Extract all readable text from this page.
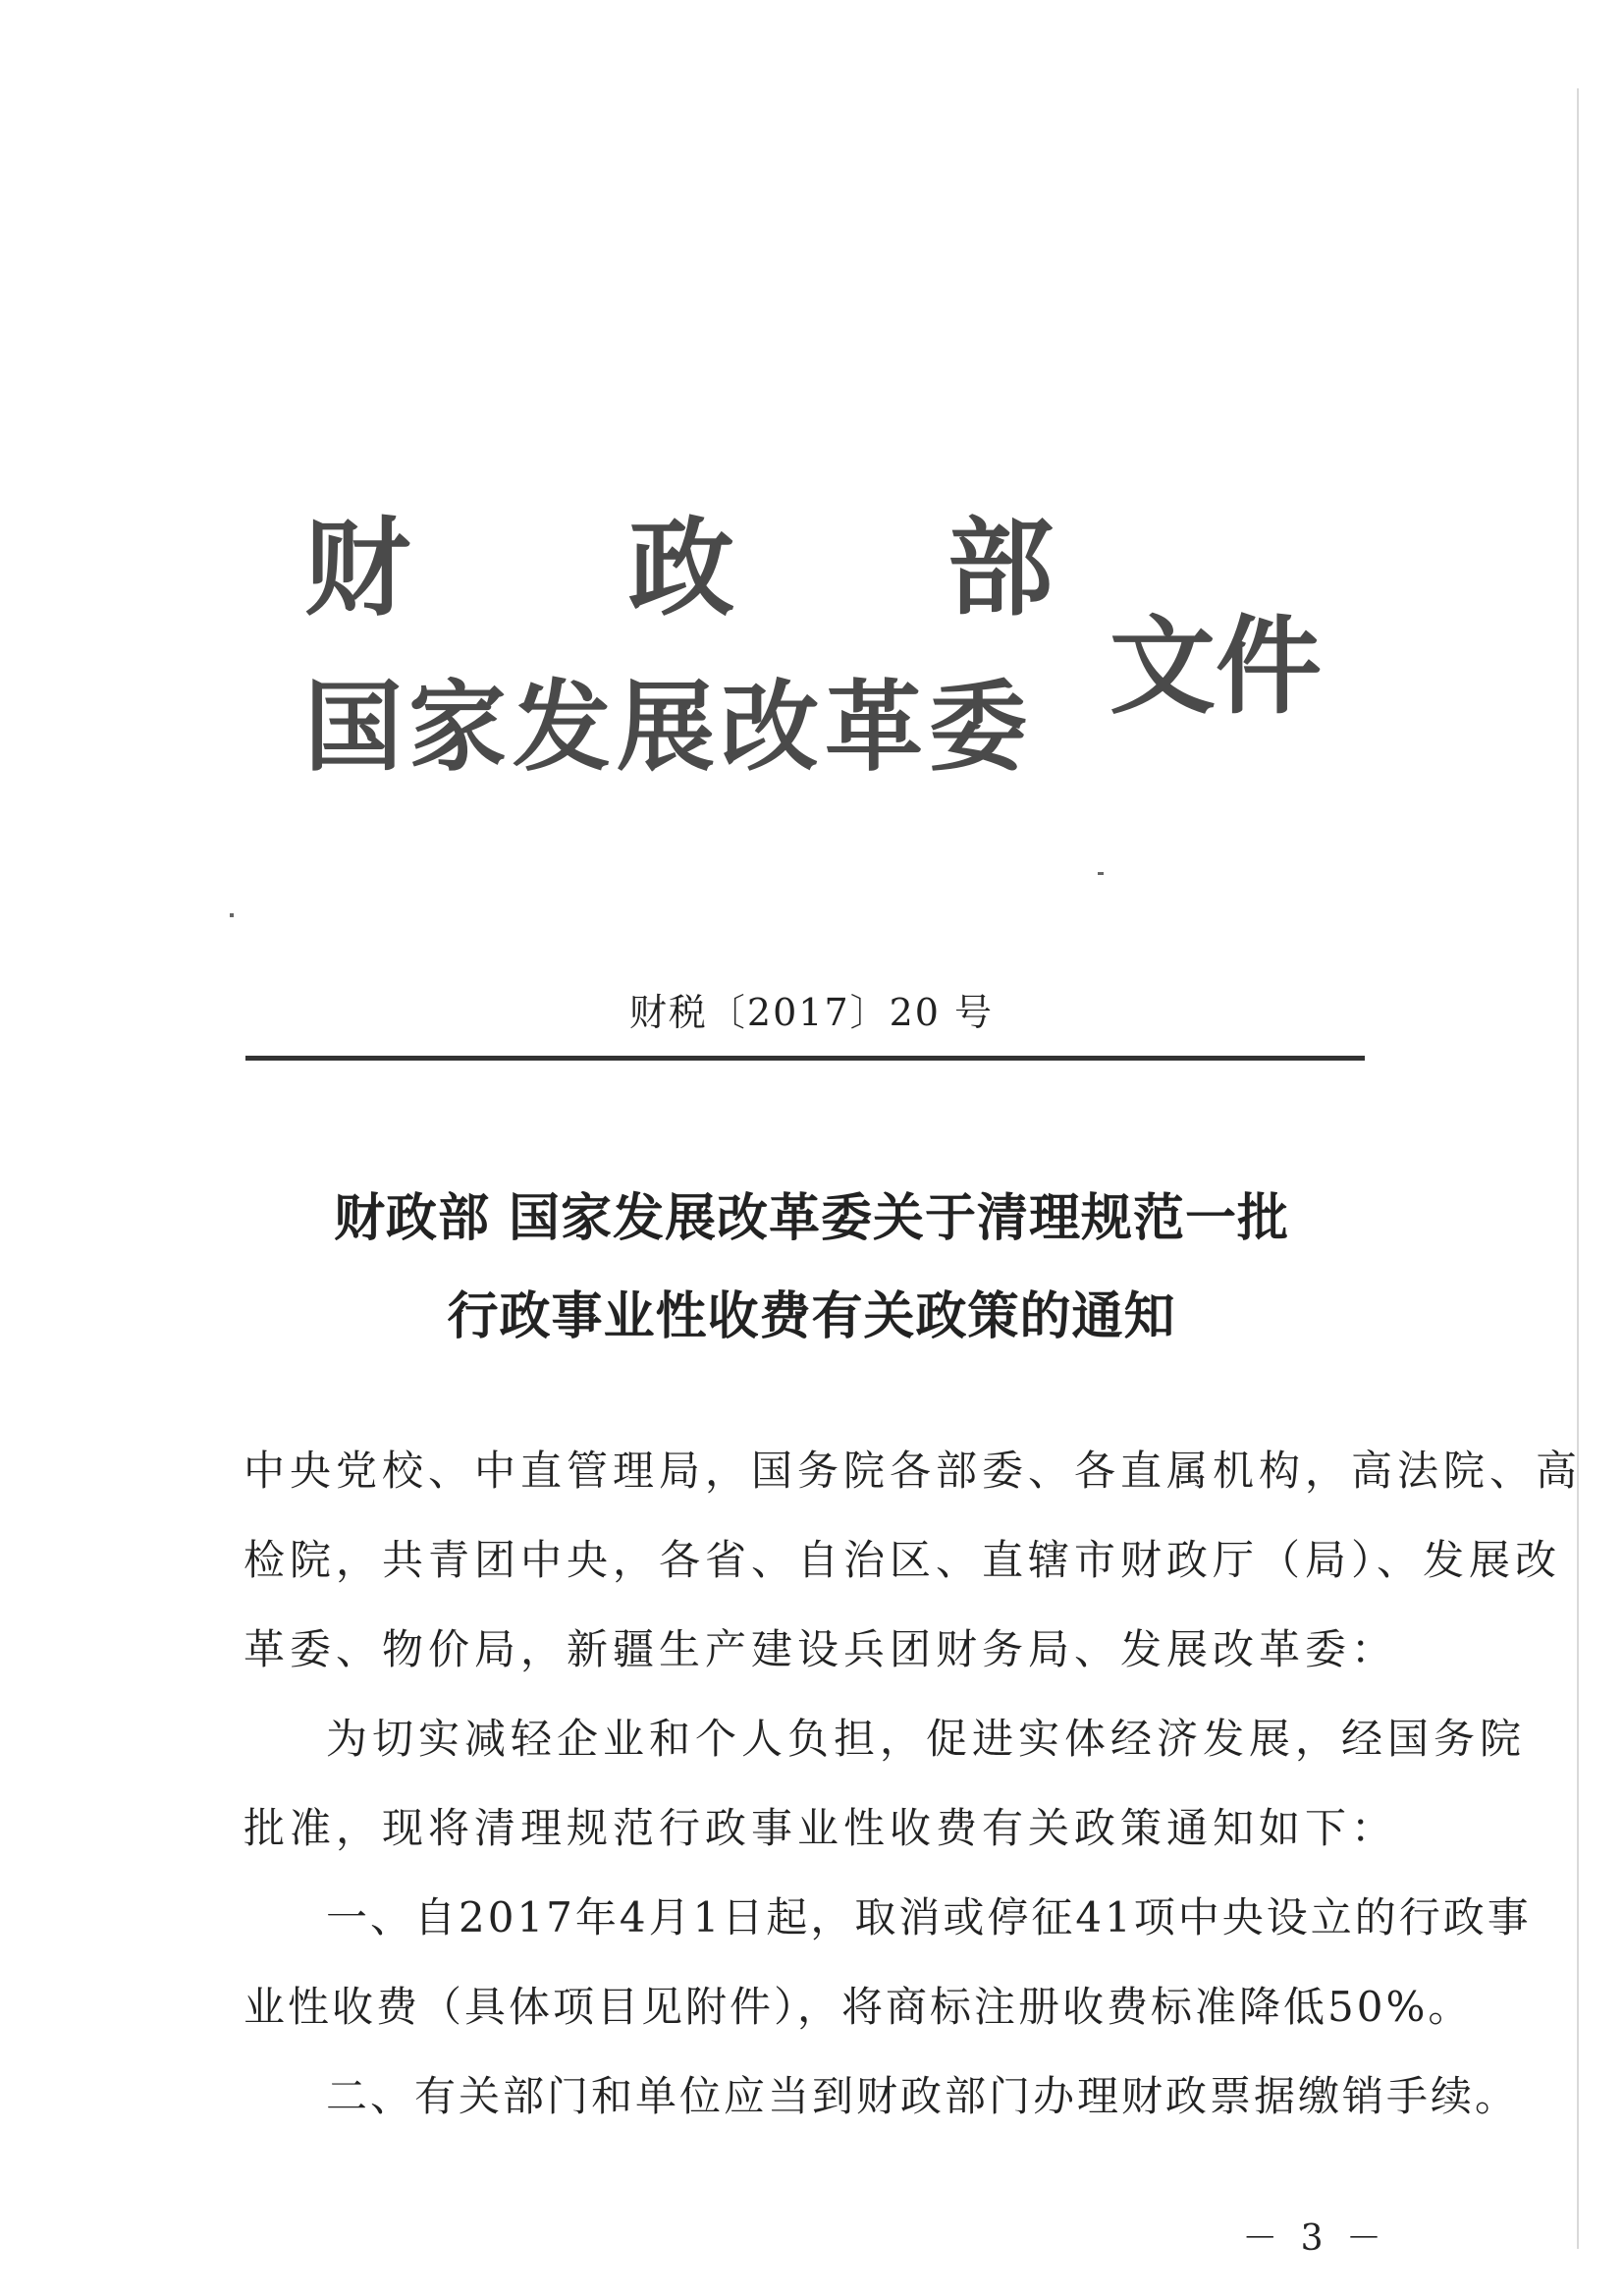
财 政 部
国家发展改革委 文件
财税〔2017〕20 号
财政部 国家发展改革委关于清理规范一批
行政事业性收费有关政策的通知
中央党校、中直管理局，国务院各部委、各直属机构，高法院、高
检院，共青团中央，各省、自治区、直辖市财政厅（局）、发展改
革委、物价局，新疆生产建设兵团财务局、发展改革委：
为切实减轻企业和个人负担，促进实体经济发展，经国务院
批准，现将清理规范行政事业性收费有关政策通知如下：
一、自2017年4月1日起，取消或停征41项中央设立的行政事
业性收费（具体项目见附件），将商标注册收费标准降低50%。
二、有关部门和单位应当到财政部门办理财政票据缴销手续。
－ 3 －
